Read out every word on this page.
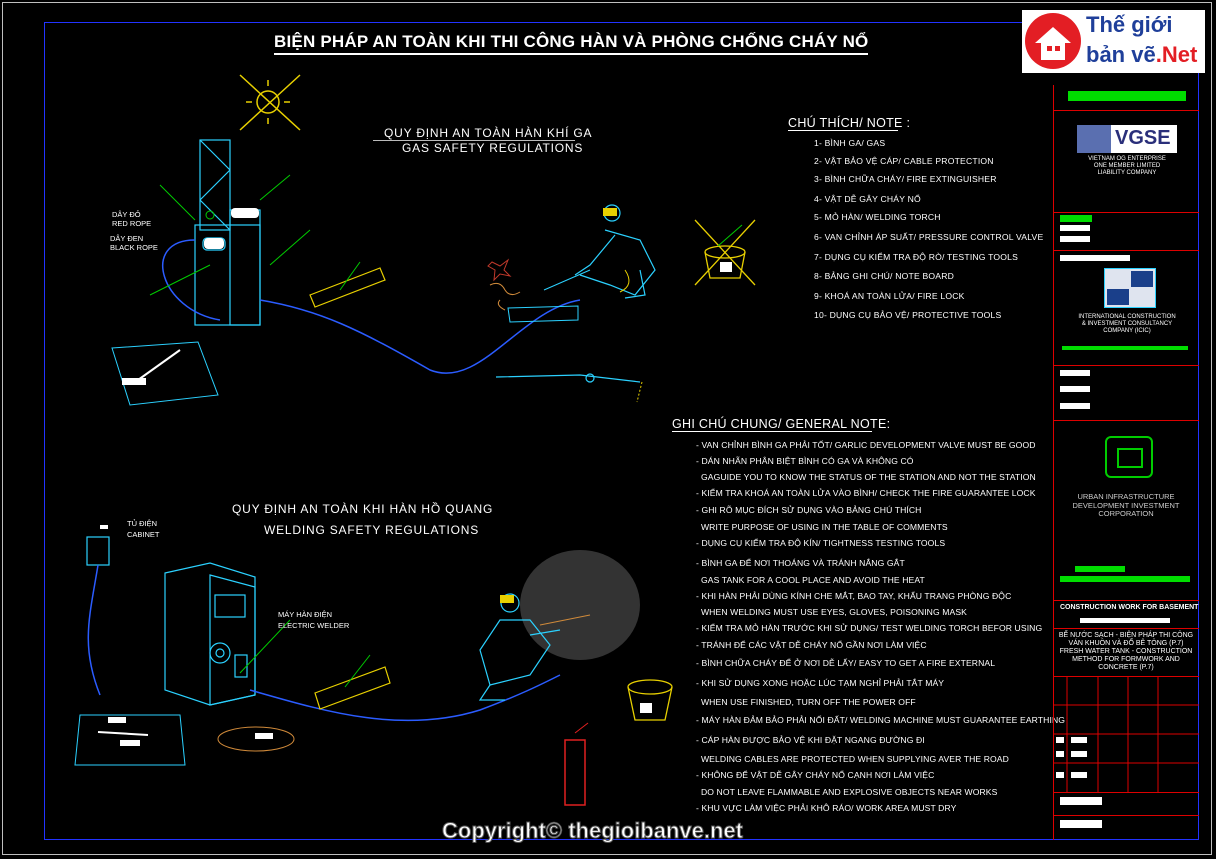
BIỆN PHÁP AN TOÀN KHI THI CÔNG HÀN VÀ PHÒNG CHỐNG CHÁY NỔ
QUY ĐỊNH AN TOÀN HÀN KHÍ GA
GAS SAFETY REGULATIONS
QUY ĐỊNH AN TOÀN KHI HÀN HỒ QUANG
WELDING SAFETY REGULATIONS
DÂY ĐỎ
RED ROPE
DÂY ĐEN
BLACK ROPE
TỦ ĐIỆN
CABINET
MÁY HÀN ĐIỆN
ELECTRIC WELDER
CHÚ THÍCH/ NOTE :
1- BÌNH GA/ GAS
2- VẬT BẢO VỆ CÁP/ CABLE PROTECTION
3- BÌNH CHỮA CHÁY/ FIRE EXTINGUISHER
4- VẬT DỄ GÂY CHÁY NỔ
5- MỎ HÀN/ WELDING TORCH
6- VAN CHỈNH ÁP SUẤT/ PRESSURE CONTROL VALVE
7- DỤNG CỤ KIỂM TRA ĐỘ RÒ/ TESTING TOOLS
8- BẢNG GHI CHÚ/ NOTE BOARD
9- KHOÁ AN TOÀN LỬA/ FIRE LOCK
10- DỤNG CỤ BẢO VỆ/ PROTECTIVE TOOLS
GHI CHÚ CHUNG/ GENERAL NOTE:
- VAN CHỈNH BÌNH GA PHẢI TỐT/ GARLIC DEVELOPMENT VALVE MUST BE GOOD
- DÁN NHÃN PHÂN BIỆT BÌNH CÓ GA VÀ KHÔNG CÓ
GAGUIDE YOU TO KNOW THE STATUS OF THE STATION AND NOT THE STATION
- KIỂM TRA KHOÁ AN TOÀN LỬA VÀO BÌNH/ CHECK THE FIRE GUARANTEE LOCK
- GHI RÕ MỤC ĐÍCH SỬ DỤNG VÀO BẢNG CHÚ THÍCH
WRITE PURPOSE OF USING IN THE TABLE OF COMMENTS
- DỤNG CỤ KIỂM TRA ĐỘ KÍN/ TIGHTNESS TESTING TOOLS
- BÌNH GA ĐỂ NƠI THOÁNG VÀ TRÁNH NẮNG GẮT
GAS TANK FOR A COOL PLACE AND AVOID THE HEAT
- KHI HÀN PHẢI DÙNG KÍNH CHE MẮT, BAO TAY, KHẨU TRANG PHÒNG ĐỘC
WHEN WELDING MUST USE EYES, GLOVES, POISONING MASK
- KIỂM TRA MỎ HÀN TRƯỚC KHI SỬ DỤNG/ TEST WELDING TORCH BEFOR USING
- TRÁNH ĐỂ CÁC VẬT DỄ CHÁY NỔ GẦN NƠI LÀM VIỆC
- BÌNH CHỮA CHÁY ĐỂ Ở NƠI DỄ LẤY/ EASY TO GET A FIRE EXTERNAL
- KHI SỬ DỤNG XONG HOẶC LÚC TẠM NGHỈ PHẢI TẮT MÁY
WHEN USE FINISHED, TURN OFF THE POWER OFF
- MÁY HÀN ĐẢM BẢO PHẢI NỐI ĐẤT/ WELDING MACHINE MUST GUARANTEE EARTHING
- CÁP HÀN ĐƯỢC BẢO VỆ KHI ĐẶT NGANG ĐƯỜNG ĐI
WELDING CABLES ARE PROTECTED WHEN SUPPLYING AVER THE ROAD
- KHÔNG ĐỂ VẬT DỄ GÂY CHÁY NỔ CẠNH NƠI LÀM VIỆC
DO NOT LEAVE FLAMMABLE AND EXPLOSIVE OBJECTS NEAR WORKS
- KHU VỰC LÀM VIỆC PHẢI KHÔ RÁO/ WORK AREA MUST DRY
VGSE
VIETNAM OG ENTERPRISE
ONE MEMBER LIMITED
LIABILITY COMPANY
INTERNATIONAL CONSTRUCTION
& INVESTMENT CONSULTANCY
COMPANY (ICIC)
URBAN INFRASTRUCTURE
DEVELOPMENT INVESTMENT
CORPORATION
CONSTRUCTION WORK FOR BASEMENT
BỂ NƯỚC SẠCH - BIỆN PHÁP THI CÔNG VÁN KHUÔN VÀ ĐỔ BÊ TÔNG (P.7)
FRESH WATER TANK - CONSTRUCTION METHOD FOR FORMWORK AND CONCRETE (P.7)
Thế giới
bản vẽ.Net
Copyright© thegioibanve.net
